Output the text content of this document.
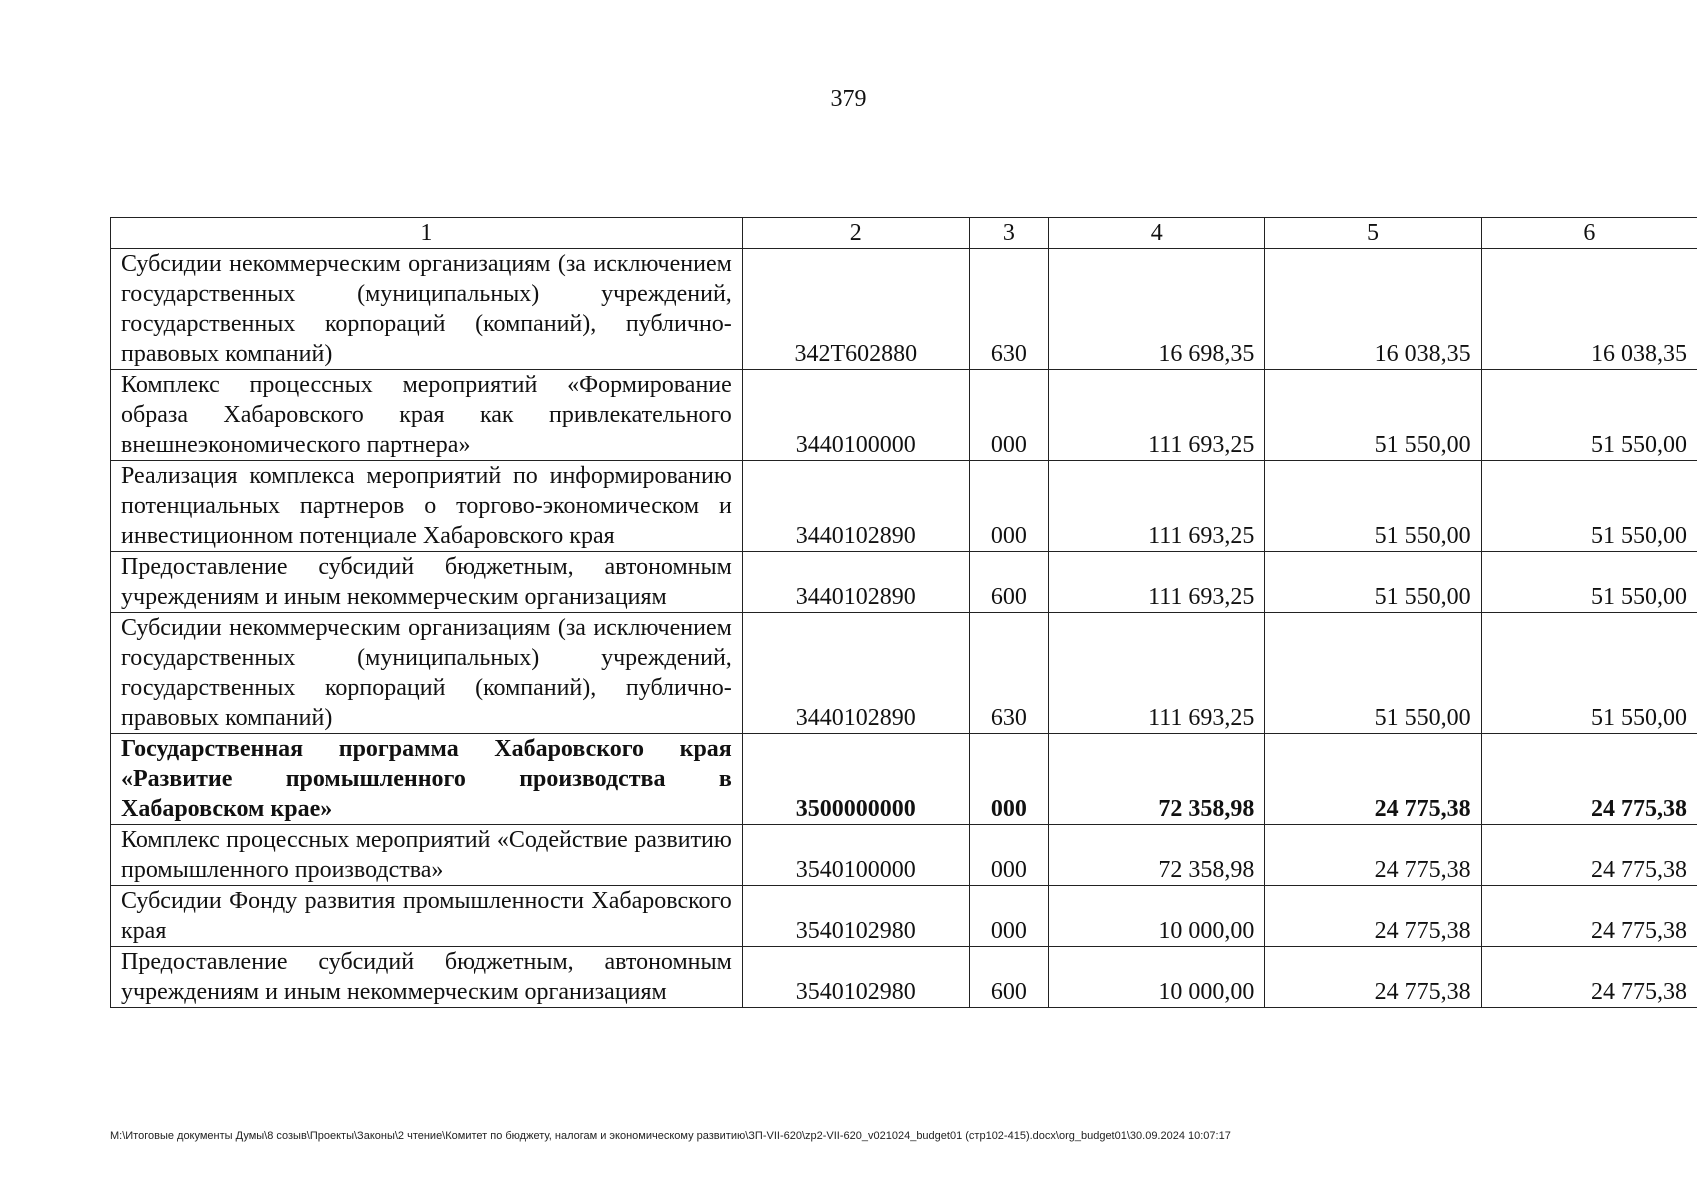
379
1	2	3	4	5	6
Субсидии некоммерческим организациям (за исключением государственных (муниципальных) учреждений, государственных корпораций (компаний), публично-правовых компаний)	342Т602880	630	16 698,35	16 038,35	16 038,35
Комплекс процессных мероприятий «Формирование образа Хабаровского края как привлекательного внешнеэкономического партнера»	3440100000	000	111 693,25	51 550,00	51 550,00
Реализация комплекса мероприятий по информированию потенциальных партнеров о торгово-экономическом и инвестиционном потенциале Хабаровского края	3440102890	000	111 693,25	51 550,00	51 550,00
Предоставление субсидий бюджетным, автономным учреждениям и иным некоммерческим организациям	3440102890	600	111 693,25	51 550,00	51 550,00
Субсидии некоммерческим организациям (за исключением государственных (муниципальных) учреждений, государственных корпораций (компаний), публично-правовых компаний)	3440102890	630	111 693,25	51 550,00	51 550,00
Государственная программа Хабаровского края «Развитие промышленного производства в Хабаровском крае»	3500000000	000	72 358,98	24 775,38	24 775,38
Комплекс процессных мероприятий «Содействие развитию промышленного производства»	3540100000	000	72 358,98	24 775,38	24 775,38
Субсидии Фонду развития промышленности Хабаровского края	3540102980	000	10 000,00	24 775,38	24 775,38
Предоставление субсидий бюджетным, автономным учреждениям и иным некоммерческим организациям	3540102980	600	10 000,00	24 775,38	24 775,38
М:\Итоговые документы Думы\8 созыв\Проекты\Законы\2 чтение\Комитет по бюджету, налогам и экономическому развитию\ЗП-VII-620\zp2-VII-620_v021024_budget01 (стр102-415).docx\org_budget01\30.09.2024 10:07:17
